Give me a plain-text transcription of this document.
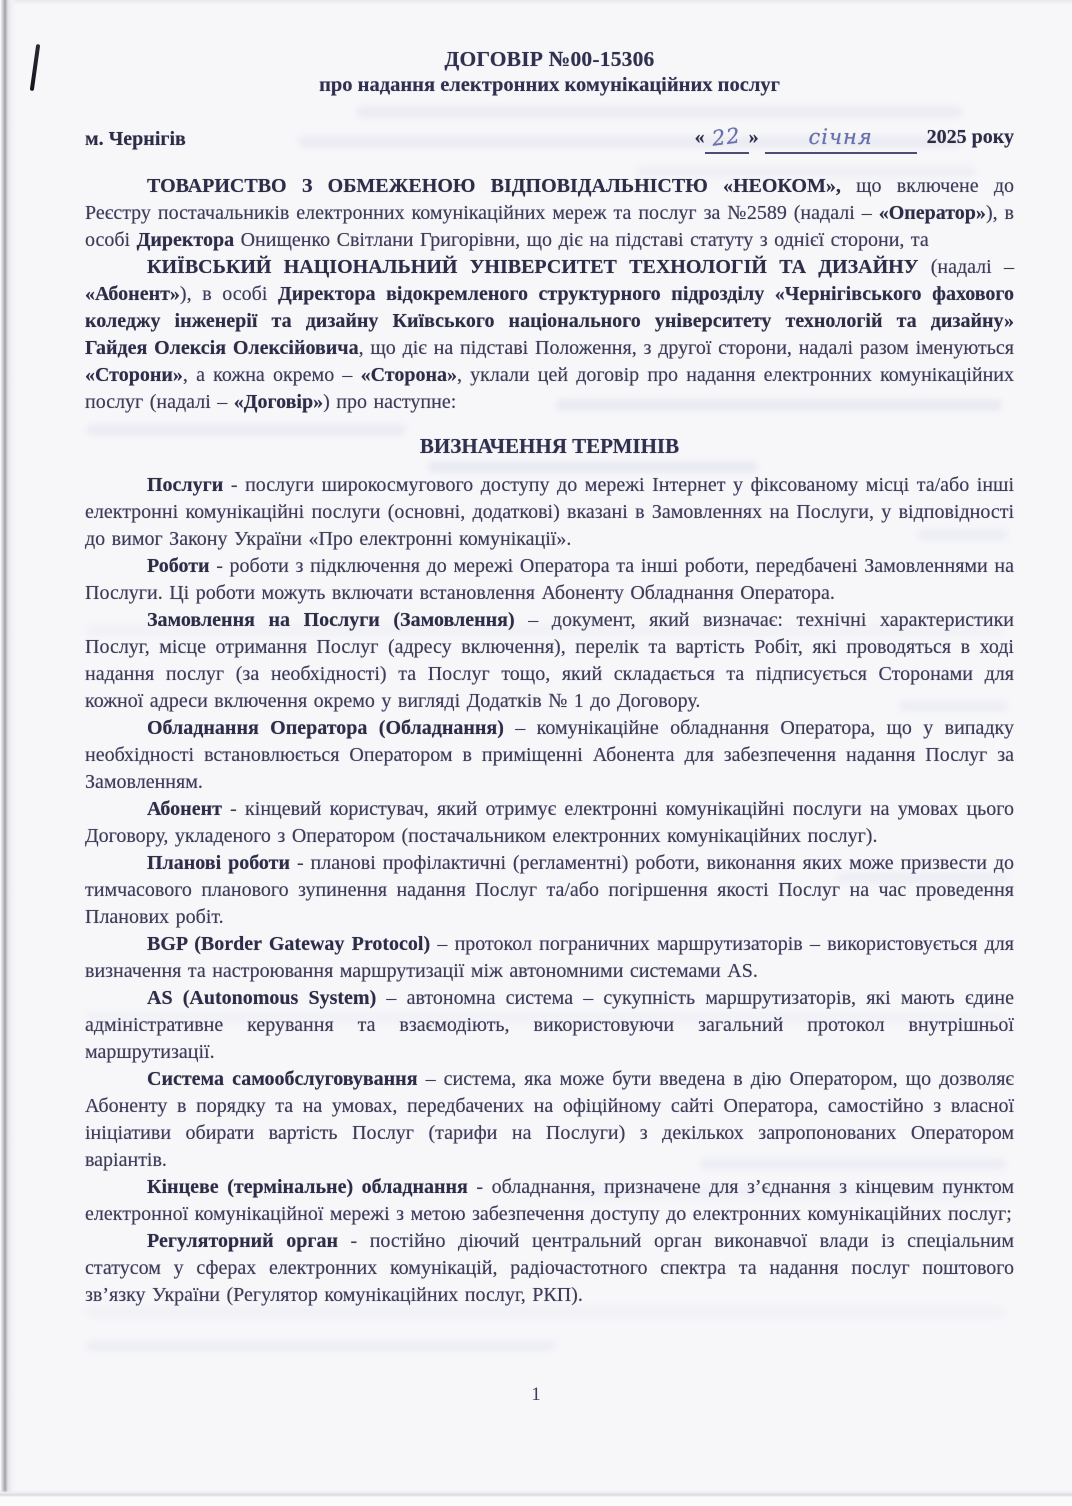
ДОГОВІР №00-15306
про надання електронних комунікаційних послуг
м. Чернігів	« 22 » січня	2025 року

ТОВАРИСТВО З ОБМЕЖЕНОЮ ВІДПОВІДАЛЬНІСТЮ «НЕОКОМ», що включене до Реєстру постачальників електронних комунікаційних мереж та послуг за №2589 (надалі – «Оператор»), в особі Директора Онищенко Світлани Григорівни, що діє на підставі статуту з однієї сторони, та

КИЇВСЬКИЙ НАЦІОНАЛЬНИЙ УНІВЕРСИТЕТ ТЕХНОЛОГІЙ ТА ДИЗАЙНУ (надалі – «Абонент»), в особі Директора відокремленого структурного підрозділу «Чернігівського фахового коледжу інженерії та дизайну Київського національного університету технологій та дизайну» Гайдея Олексія Олексійовича, що діє на підставі Положення, з другої сторони, надалі разом іменуються «Сторони», а кожна окремо – «Сторона», уклали цей договір про надання електронних комунікаційних послуг (надалі – «Договір») про наступне:

ВИЗНАЧЕННЯ ТЕРМІНІВ

Послуги - послуги широкосмугового доступу до мережі Інтернет у фіксованому місці та/або інші електронні комунікаційні послуги (основні, додаткові) вказані в Замовленнях на Послуги, у відповідності до вимог Закону України «Про електронні комунікації».

Роботи - роботи з підключення до мережі Оператора та інші роботи, передбачені Замовленнями на Послуги. Ці роботи можуть включати встановлення Абоненту Обладнання Оператора.

Замовлення на Послуги (Замовлення) – документ, який визначає: технічні характеристики Послуг, місце отримання Послуг (адресу включення), перелік та вартість Робіт, які проводяться в ході надання послуг (за необхідності) та Послуг тощо, який складається та підписується Сторонами для кожної адреси включення окремо у вигляді Додатків № 1 до Договору.

Обладнання Оператора (Обладнання) – комунікаційне обладнання Оператора, що у випадку необхідності встановлюється Оператором в приміщенні Абонента для забезпечення надання Послуг за Замовленням.

Абонент - кінцевий користувач, який отримує електронні комунікаційні послуги на умовах цього Договору, укладеного з Оператором (постачальником електронних комунікаційних послуг).

Планові роботи - планові профілактичні (регламентні) роботи, виконання яких може призвести до тимчасового планового зупинення надання Послуг та/або погіршення якості Послуг на час проведення Планових робіт.

BGP (Border Gateway Protocol) – протокол пограничних маршрутизаторів – використовується для визначення та настроювання маршрутизації між автономними системами AS.

AS (Autonomous System) – автономна система – сукупність маршрутизаторів, які мають єдине адміністративне керування та взаємодіють, використовуючи загальний протокол внутрішньої маршрутизації.

Система самообслуговування – система, яка може бути введена в дію Оператором, що дозволяє Абоненту в порядку та на умовах, передбачених на офіційному сайті Оператора, самостійно з власної ініціативи обирати вартість Послуг (тарифи на Послуги) з декількох запропонованих Оператором варіантів.

Кінцеве (термінальне) обладнання - обладнання, призначене для з’єднання з кінцевим пунктом електронної комунікаційної мережі з метою забезпечення доступу до електронних комунікаційних послуг;

Регуляторний орган - постійно діючий центральний орган виконавчої влади із спеціальним статусом у сферах електронних комунікацій, радіочастотного спектра та надання послуг поштового зв’язку України (Регулятор комунікаційних послуг, РКП).

1
